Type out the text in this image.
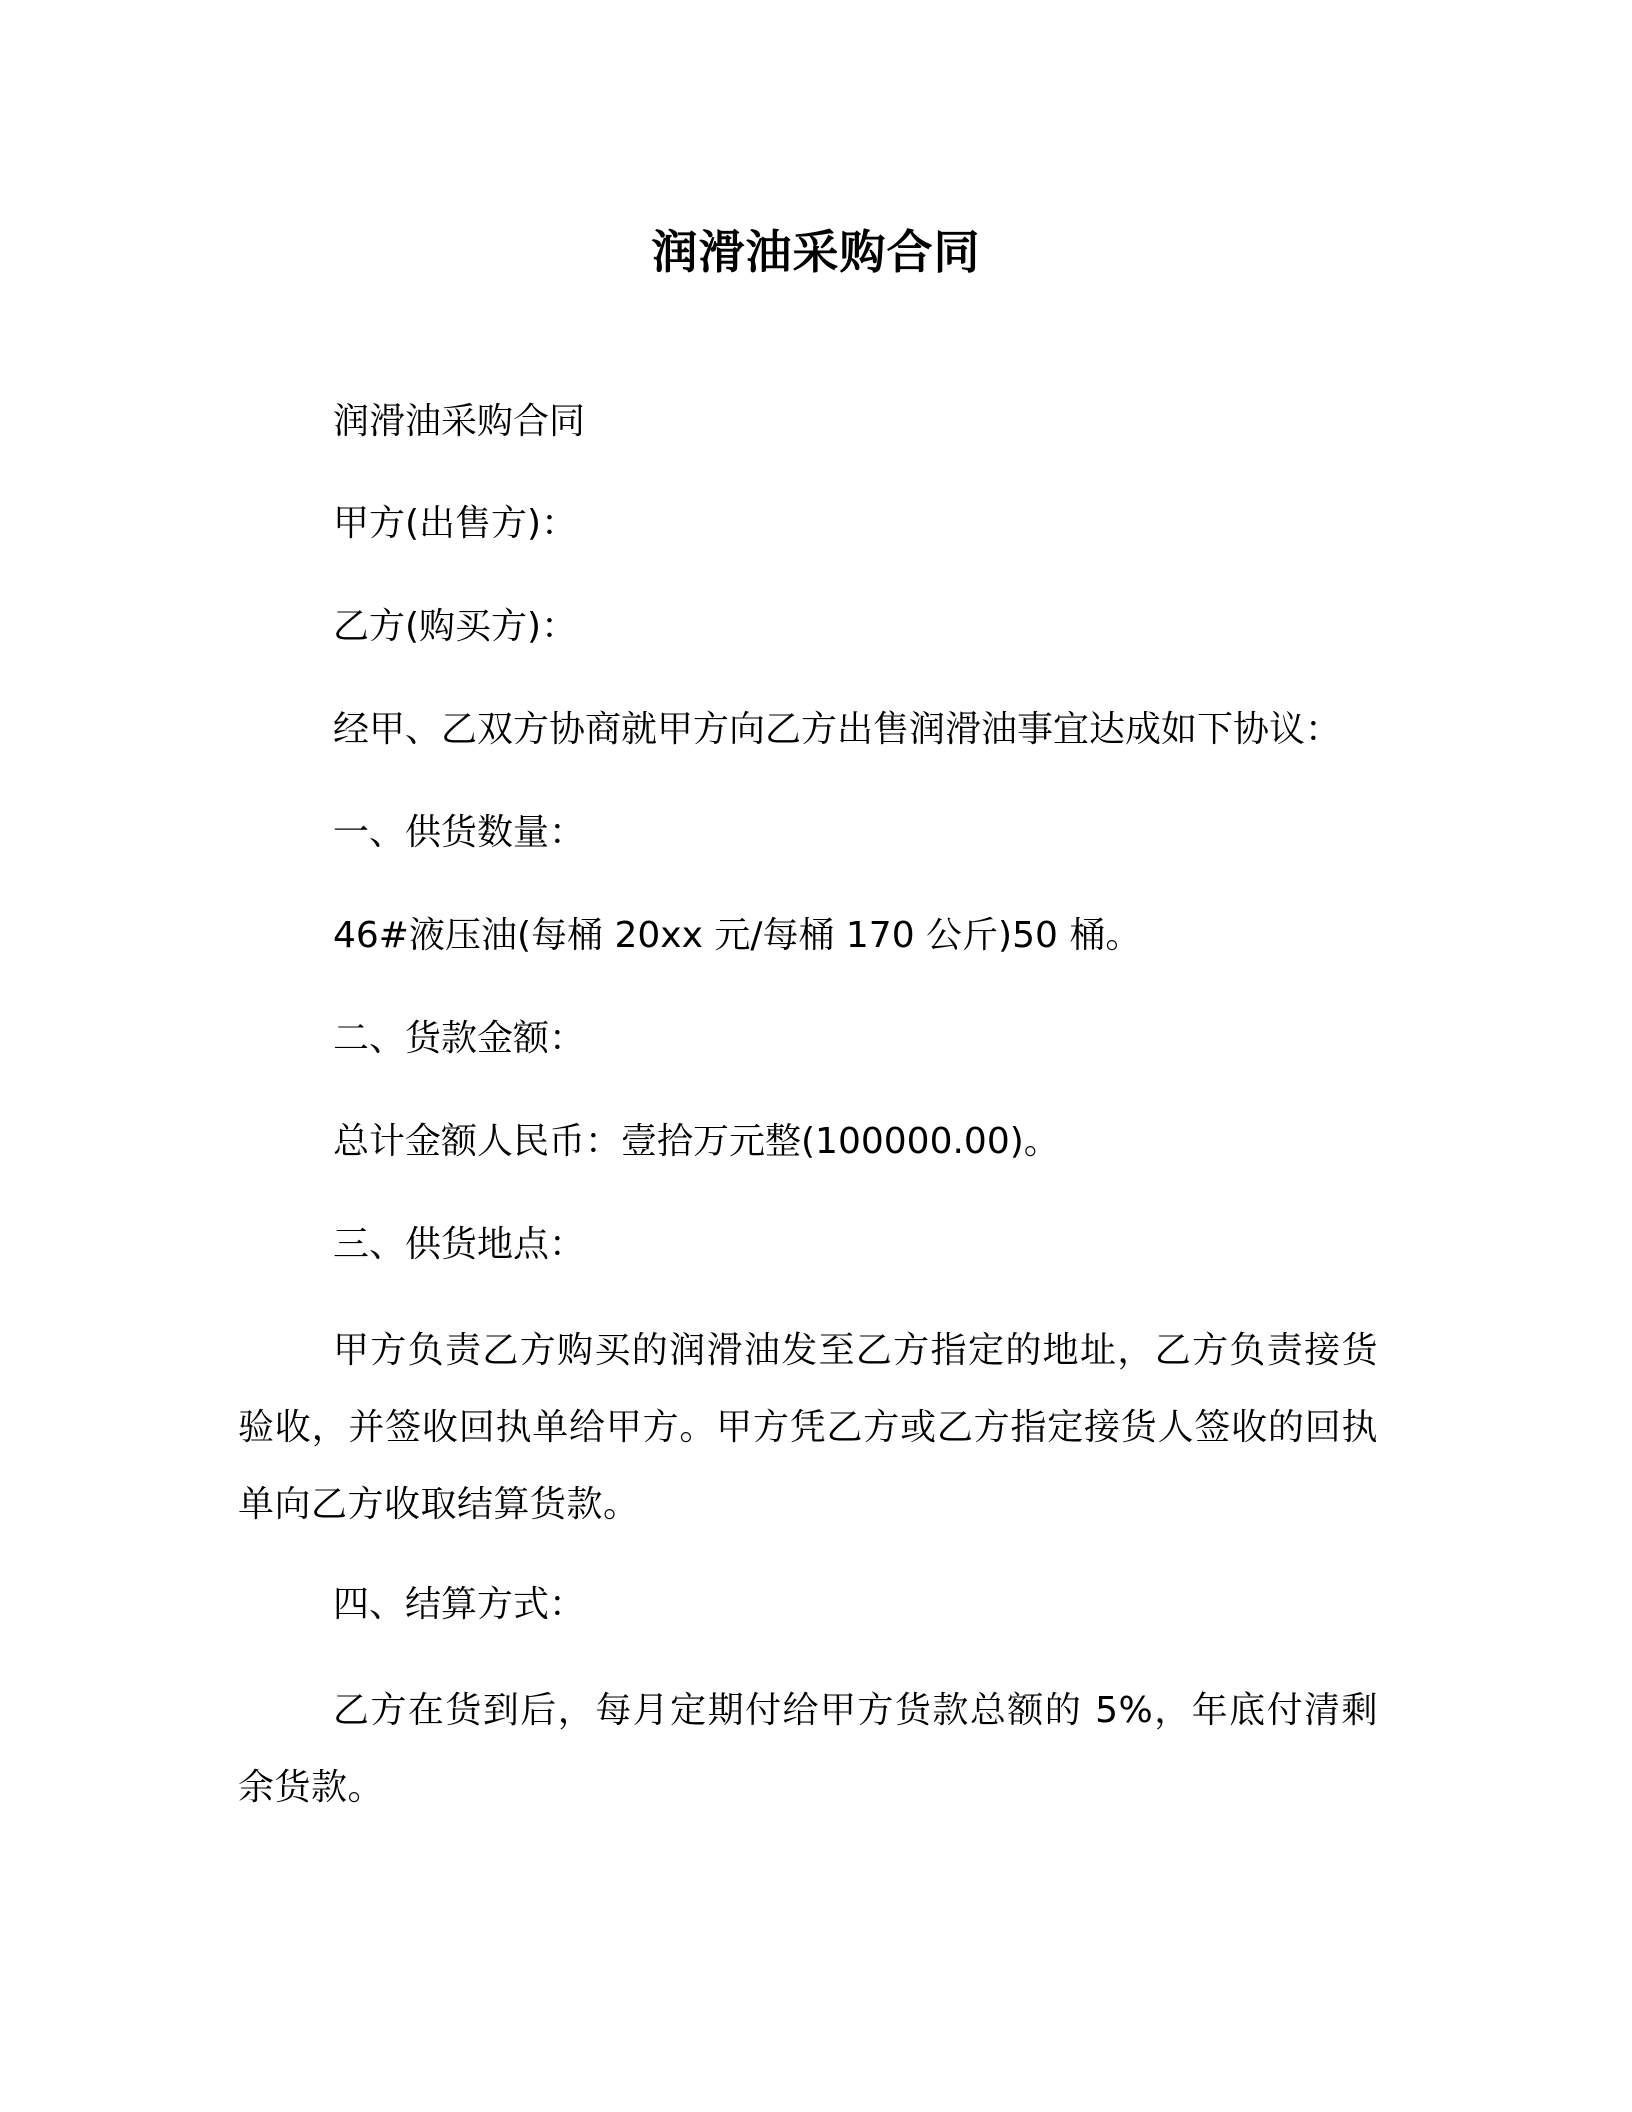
润滑油采购合同
润滑油采购合同
甲方(出售方)：
乙方(购买方)：
经甲、乙双方协商就甲方向乙方出售润滑油事宜达成如下协议：
一、供货数量：
46#液压油(每桶 20xx 元/每桶 170 公斤)50 桶。
二、货款金额：
总计金额人民币：壹拾万元整(100000.00)。
三、供货地点：
甲方负责乙方购买的润滑油发至乙方指定的地址，乙方负责接货验收，并签收回执单给甲方。甲方凭乙方或乙方指定接货人签收的回执单向乙方收取结算货款。
四、结算方式：
乙方在货到后，每月定期付给甲方货款总额的 5%，年底付清剩余货款。
